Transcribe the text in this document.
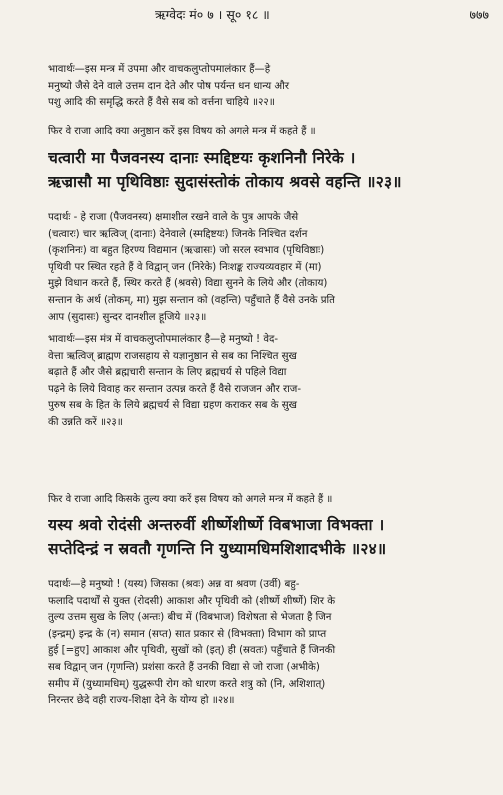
ऋग्वेदः मं० ७ । सू० १८ ॥	७७७
भावार्थः—इस मन्त्र में उपमा और वाचकलुप्तोपमालंकार हैं—हे
मनुष्यो जैसे देने वाले उत्तम दान देते और पोष पर्यन्त धन धान्य और
पशु आदि की समृद्धि करते हैं वैसे सब को वर्त्तना चाहिये ॥२२॥
फिर वे राजा आदि क्या अनुष्ठान करें इस विषय को अगले मन्त्र में कहते हैं ॥
चत्वारी मा पैजवनस्य दानाः स्मद्दिष्टयः कृशनिनौ निरेके ।
ऋज्रासौ मा पृथिविष्ठाः सुदासंस्तोकं तोकाय श्रवसे वहन्ति ॥२३॥
पदार्थः - हे राजा (पैजवनस्य) क्षमाशील रखने वाले के पुत्र आपके जैसे
(चत्वारः) चार ऋत्विज् (दानाः) देनेवाले (स्मद्दिष्टयः) जिनके निश्चित दर्शन
(कृशनिनः) वा बहुत हिरण्य विद्यमान (ऋज्रासः) जो सरल स्वभाव (पृथिविष्ठाः)
पृथिवी पर स्थित रहते हैं वे विद्वान् जन (निरेके) निःशङ्क राज्यव्यवहार में (मा)
मुझे विधान करते हैं, स्थिर करते हैं (श्रवसे) विद्या सुनने के लिये और (तोकाय)
सन्तान के अर्थ (तोकम्, मा) मुझ सन्तान को (वहन्ति) पहुँचाते हैं वैसे उनके प्रति
आप (सुदासः) सुन्दर दानशील हूजिये ॥२३॥
भावार्थः—इस मंत्र में वाचकलुप्तोपमालंकार है—हे मनुष्यो ! वेद-
वेत्ता ऋत्विज् ब्राह्मण राजसहाय से यज्ञानुष्ठान से सब का निश्चित सुख
बढ़ाते हैं और जैसे ब्रह्मचारी सन्तान के लिए ब्रह्मचर्य से पहिले विद्या
पढ़ने के लिये विवाह कर सन्तान उत्पन्न करते हैं वैसे राजजन और राज-
पुरुष सब के हित के लिये ब्रह्मचर्य से विद्या ग्रहण कराकर सब के सुख
की उन्नति करें ॥२३॥
फिर वे राजा आदि किसके तुल्य क्या करें इस विषय को अगले मन्त्र में कहते हैं ॥
यस्य श्रवो रोदंसी अन्तरुर्वी शीर्ष्णेशीर्ष्णे विबभाजा विभक्ता ।
सप्तेदिन्द्रं न स्रवतौ गृणन्ति नि युध्यामधिमशिशादभीके ॥२४॥
पदार्थः—हे मनुष्यो ! (यस्य) जिसका (श्रवः) अन्न वा श्रवण (उर्वी) बहु-
फलादि पदार्थों से युक्त (रोदसी) आकाश और पृथिवी को (शीर्ष्णे शीर्ष्णे) शिर के
तुल्य उत्तम सुख के लिए (अन्तः) बीच में (विबभाज) विशेषता से भेजता है जिन
(इन्द्रम्) इन्द्र के (न) समान (सप्त) सात प्रकार से (विभक्ता) विभाग को प्राप्त
हुई [=हुए] आकाश और पृथिवी, सुखों को (इत्) ही (स्रवतः) पहुँचाते हैं जिनकी
सब विद्वान् जन (गृणन्ति) प्रशंसा करते हैं उनकी विद्या से जो राजा (अभीके)
समीप में (युध्यामधिम्) युद्धरूपी रोग को धारण करते शत्रु को (नि, अशिशात्)
निरन्तर छेदे वही राज्य-शिक्षा देने के योग्य हो ॥२४॥
